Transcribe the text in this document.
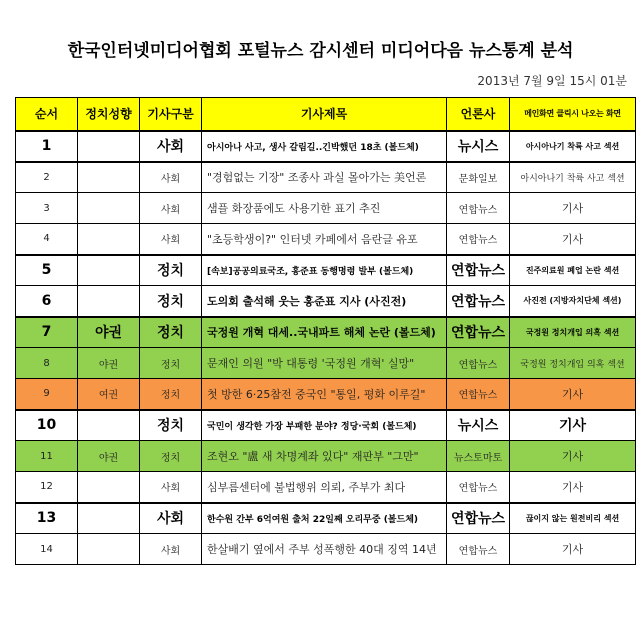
한국인터넷미디어협회 포털뉴스 감시센터 미디어다음 뉴스통계 분석
2013년 7월 9일 15시 01분
순서	정치성향	기사구분	기사제목	언론사	메인화면 클릭시 나오는 화면
1		사회	아시아나 사고, 생사 갈림길..긴박했던 18초 (볼드체)	뉴시스	아시아나기 착륙 사고 섹션
2		사회	"경험없는 기장" 조종사 과실 몰아가는 美언론	문화일보	아시아나기 착륙 사고 섹션
3		사회	샘플 화장품에도 사용기한 표기 추진	연합뉴스	기사
4		사회	"초등학생이?" 인터넷 카페에서 음란글 유포	연합뉴스	기사
5		정치	[속보]공공의료국조, 홍준표 동행명령 발부 (볼드체)	연합뉴스	진주의료원 폐업 논란 섹션
6		정치	도의회 출석해 웃는 홍준표 지사 (사진전)	연합뉴스	사진전 (지방자치단체 섹션)
7	야권	정치	국정원 개혁 대세..국내파트 해체 논란 (볼드체)	연합뉴스	국정원 정치개입 의혹 섹션
8	야권	정치	문재인 의원 "박 대통령 '국정원 개혁' 실망"	연합뉴스	국정원 정치개입 의혹 섹션
9	여권	정치	첫 방한 6·25참전 중국인 "통일, 평화 이루길"	연합뉴스	기사
10		정치	국민이 생각한 가장 부패한 분야? 정당·국회 (볼드체)	뉴시스	기사
11	야권	정치	조현오 "盧 새 차명계좌 있다" 재판부 "그만"	뉴스토마토	기사
12		사회	심부름센터에 불법행위 의뢰, 주부가 최다	연합뉴스	기사
13		사회	한수원 간부 6억여원 출처 22일째 오리무중 (볼드체)	연합뉴스	끊이지 않는 원전비리 섹션
14		사회	한살배기 옆에서 주부 성폭행한 40대 징역 14년	연합뉴스	기사
